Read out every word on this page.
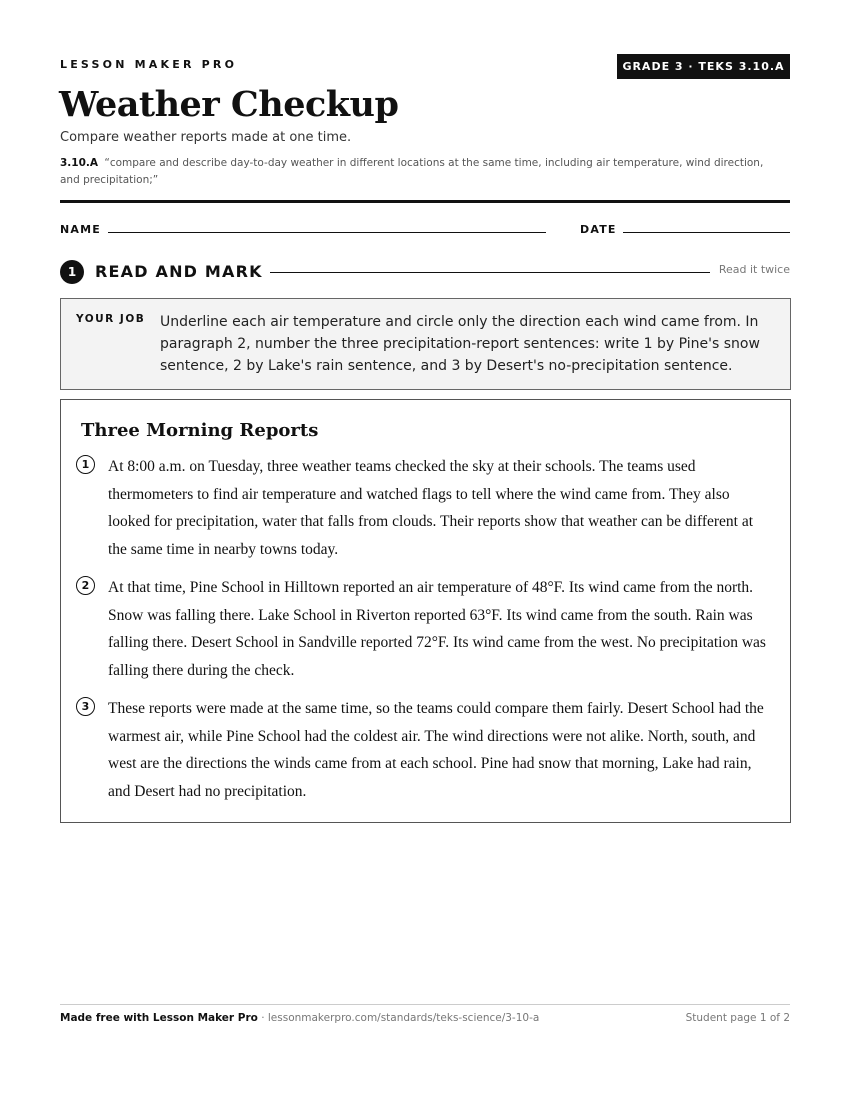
LESSON MAKER PRO	GRADE 3 · TEKS 3.10.A
Weather Checkup
Compare weather reports made at one time.
3.10.A “compare and describe day-to-day weather in different locations at the same time, including air temperature, wind direction, and precipitation;”
NAME	DATE
1	READ AND MARK	Read it twice
YOUR JOB Underline each air temperature and circle only the direction each wind came from. In paragraph 2, number the three precipitation-report sentences: write 1 by Pine's snow sentence, 2 by Lake's rain sentence, and 3 by Desert's no-precipitation sentence.
Three Morning Reports
1	At 8:00 a.m. on Tuesday, three weather teams checked the sky at their schools. The teams used thermometers to find air temperature and watched flags to tell where the wind came from. They also looked for precipitation, water that falls from clouds. Their reports show that weather can be different at the same time in nearby towns today.
2	At that time, Pine School in Hilltown reported an air temperature of 48°F. Its wind came from the north. Snow was falling there. Lake School in Riverton reported 63°F. Its wind came from the south. Rain was falling there. Desert School in Sandville reported 72°F. Its wind came from the west. No precipitation was falling there during the check.
3	These reports were made at the same time, so the teams could compare them fairly. Desert School had the warmest air, while Pine School had the coldest air. The wind directions were not alike. North, south, and west are the directions the winds came from at each school. Pine had snow that morning, Lake had rain, and Desert had no precipitation.
Made free with Lesson Maker Pro · lessonmakerpro.com/standards/teks-science/3-10-a	Student page 1 of 2
